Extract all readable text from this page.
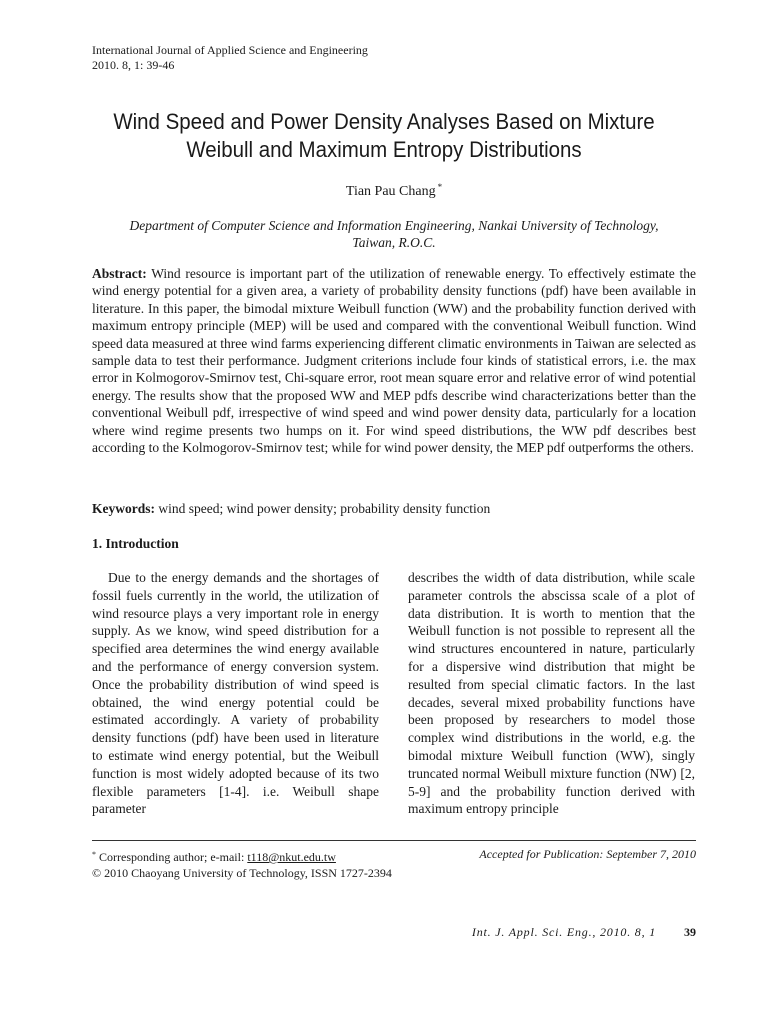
International Journal of Applied Science and Engineering
2010. 8, 1: 39-46
Wind Speed and Power Density Analyses Based on Mixture
Weibull and Maximum Entropy Distributions
Tian Pau Chang *
Department of Computer Science and Information Engineering, Nankai University of Technology,
Taiwan, R.O.C.

Abstract: Wind resource is important part of the utilization of renewable energy. To effectively estimate the wind energy potential for a given area, a variety of probability density functions (pdf) have been available in literature. In this paper, the bimodal mixture Weibull function (WW) and the probability function derived with maximum entropy principle (MEP) will be used and compared with the conventional Weibull function. Wind speed data measured at three wind farms experiencing different climatic environments in Taiwan are selected as sample data to test their performance. Judgment criterions include four kinds of statistical errors, i.e. the max error in Kolmogorov-Smirnov test, Chi-square error, root mean square error and relative error of wind potential energy. The results show that the proposed WW and MEP pdfs describe wind characterizations better than the conventional Weibull pdf, irrespective of wind speed and wind power density data, particularly for a location where wind regime presents two humps on it. For wind speed distributions, the WW pdf describes best according to the Kolmogorov-Smirnov test; while for wind power density, the MEP pdf outperforms the others.

Keywords: wind speed; wind power density; probability density function

1. Introduction

Due to the energy demands and the shortages of fossil fuels currently in the world, the utilization of wind resource plays a very important role in energy supply. As we know, wind speed distribution for a specified area determines the wind energy available and the performance of energy conversion system. Once the probability distribution of wind speed is obtained, the wind energy potential could be estimated accordingly. A variety of probability density functions (pdf) have been used in literature to estimate wind energy potential, but the Weibull function is most widely adopted because of its two flexible parameters [1-4]. i.e. Weibull shape parameter

describes the width of data distribution, while scale parameter controls the abscissa scale of a plot of data distribution. It is worth to mention that the Weibull function is not possible to represent all the wind structures encountered in nature, particularly for a dispersive wind distribution that might be resulted from special climatic factors. In the last decades, several mixed probability functions have been proposed by researchers to model those complex wind distributions in the world, e.g. the bimodal mixture Weibull function (WW), singly truncated normal Weibull mixture function (NW) [2, 5-9] and the probability function derived with maximum entropy principle

* Corresponding author; e-mail: t118@nkut.edu.tw	Accepted for Publication: September 7, 2010
© 2010 Chaoyang University of Technology, ISSN 1727-2394
Int. J. Appl. Sci. Eng., 2010. 8, 1	39
